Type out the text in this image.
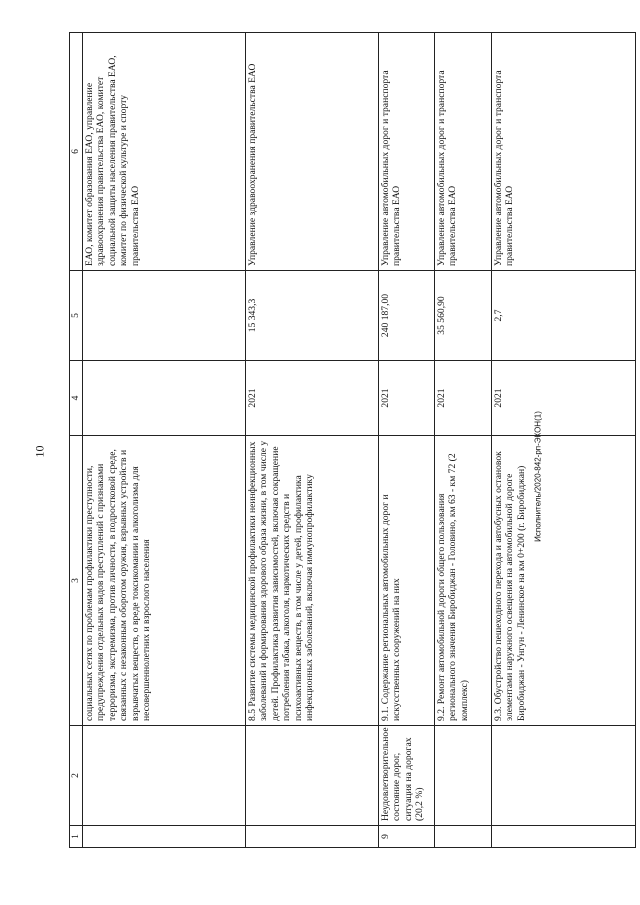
10	Исполнитель/2020-842-рп-ЭКОН(1)
1	2	3	4	5	6
		социальных сетях по проблемам профилактики преступности, предупреждения отдельных видов преступлений с признаками терроризма, экстремизма, против личности, в подростковой среде, связанных с незаконным оборотом оружия, взрывных устройств и взрывчатых веществ, о вреде токсикомании и алкоголизма для несовершеннолетних и взрослого населения			ЕАО, комитет образования ЕАО, управление здравоохранения правительства ЕАО, комитет социальной защиты населения правительства ЕАО, комитет по физической культуре и спорту правительства ЕАО
		8.5 Развитие системы медицинской профилактики неинфекционных заболеваний и формирования здорового образа жизни, в том числе у детей. Профилактика развития зависимостей, включая сокращение потребления табака, алкоголя, наркотических средств и психоактивных веществ, в том числе у детей, профилактика инфекционных заболеваний, включая иммунопрофилактику	2021	15 343,3	Управление здравоохранения правительства ЕАО
9	Неудовлетворительное состояние дорог, ситуация на дорогах (20,2 %)	9.1. Содержание региональных автомобильных дорог и искусственных сооружений на них	2021	240 187,00	Управление автомобильных дорог и транспорта правительства ЕАО
		9.2. Ремонт автомобильной дороги общего пользования регионального значения Биробиджан - Головино, км 63 - км 72 (2 комплекс)	2021	35 560,90	Управление автомобильных дорог и транспорта правительства ЕАО
		9.3. Обустройство пешеходного перехода и автобусных остановок элементами наружного освещения на автомобильной дороге Биробиджан - Унгун - Ленинское на км 0+200 (г. Биробиджан)	2021	2,7	Управление автомобильных дорог и транспорта правительства ЕАО
